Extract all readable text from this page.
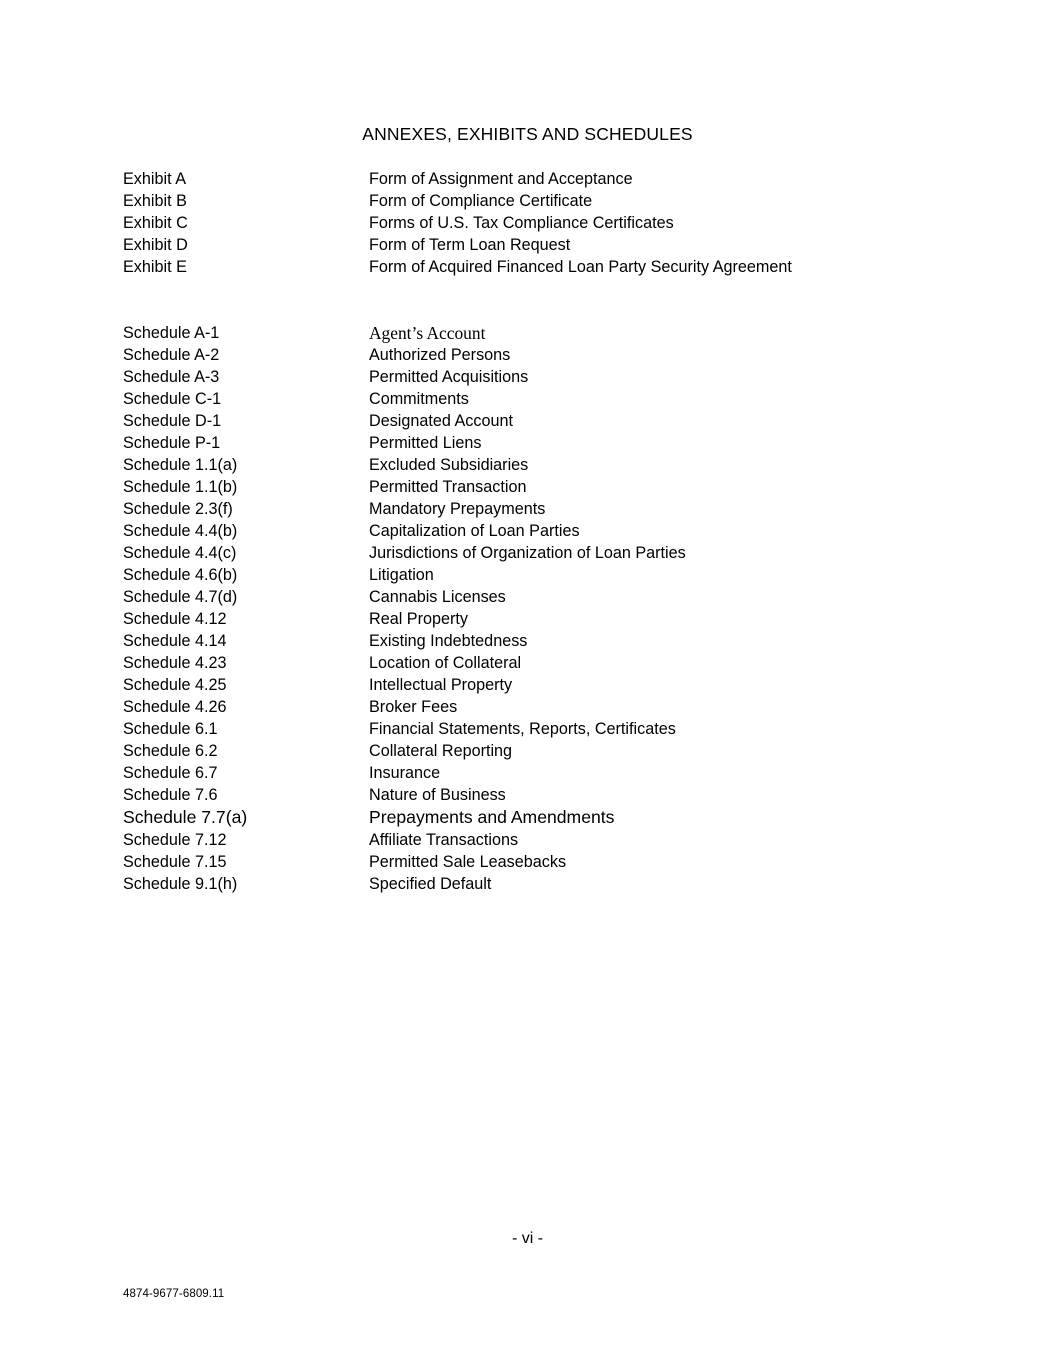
ANNEXES, EXHIBITS AND SCHEDULES
Exhibit A	Form of Assignment and Acceptance
Exhibit B	Form of Compliance Certificate
Exhibit C	Forms of U.S. Tax Compliance Certificates
Exhibit D	Form of Term Loan Request
Exhibit E	Form of Acquired Financed Loan Party Security Agreement
Schedule A-1	Agent’s Account
Schedule A-2	Authorized Persons
Schedule A-3	Permitted Acquisitions
Schedule C-1	Commitments
Schedule D-1	Designated Account
Schedule P-1	Permitted Liens
Schedule 1.1(a)	Excluded Subsidiaries
Schedule 1.1(b)	Permitted Transaction
Schedule 2.3(f)	Mandatory Prepayments
Schedule 4.4(b)	Capitalization of Loan Parties
Schedule 4.4(c)	Jurisdictions of Organization of Loan Parties
Schedule 4.6(b)	Litigation
Schedule 4.7(d)	Cannabis Licenses
Schedule 4.12	Real Property
Schedule 4.14	Existing Indebtedness
Schedule 4.23	Location of Collateral
Schedule 4.25	Intellectual Property
Schedule 4.26	Broker Fees
Schedule 6.1	Financial Statements, Reports, Certificates
Schedule 6.2	Collateral Reporting
Schedule 6.7	Insurance
Schedule 7.6	Nature of Business
Schedule 7.7(a)	Prepayments and Amendments
Schedule 7.12	Affiliate Transactions
Schedule 7.15	Permitted Sale Leasebacks
Schedule 9.1(h)	Specified Default
- vi -
4874-9677-6809.11
